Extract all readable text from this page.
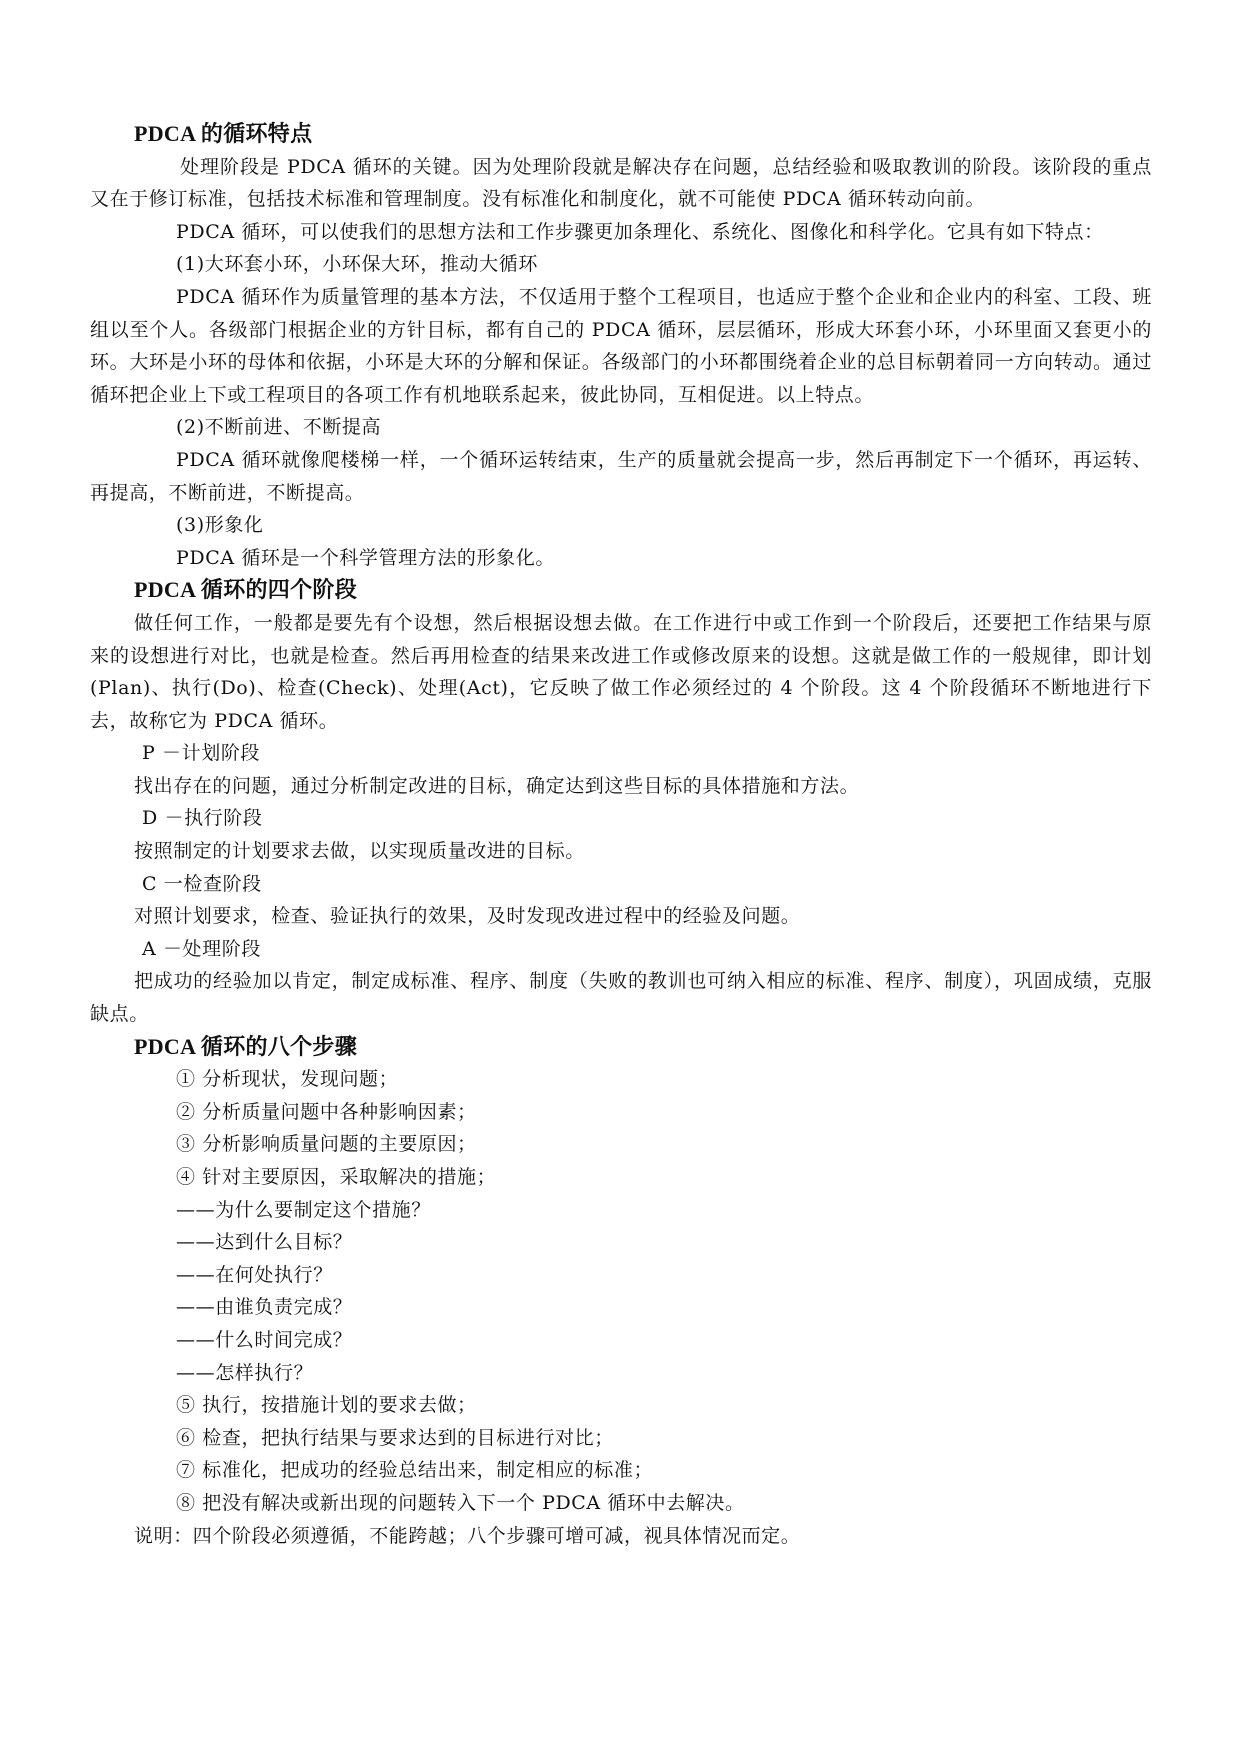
PDCA 的循环特点
处理阶段是 PDCA 循环的关键。因为处理阶段就是解决存在问题，总结经验和吸取教训的阶段。该阶段的重点又在于修订标准，包括技术标准和管理制度。没有标准化和制度化，就不可能使 PDCA 循环转动向前。
PDCA 循环，可以使我们的思想方法和工作步骤更加条理化、系统化、图像化和科学化。它具有如下特点：
(1)大环套小环，小环保大环，推动大循环
PDCA 循环作为质量管理的基本方法，不仅适用于整个工程项目，也适应于整个企业和企业内的科室、工段、班组以至个人。各级部门根据企业的方针目标，都有自己的 PDCA 循环，层层循环，形成大环套小环，小环里面又套更小的环。大环是小环的母体和依据，小环是大环的分解和保证。各级部门的小环都围绕着企业的总目标朝着同一方向转动。通过循环把企业上下或工程项目的各项工作有机地联系起来，彼此协同，互相促进。以上特点。
(2)不断前进、不断提高
PDCA 循环就像爬楼梯一样，一个循环运转结束，生产的质量就会提高一步，然后再制定下一个循环，再运转、再提高，不断前进，不断提高。
(3)形象化
PDCA 循环是一个科学管理方法的形象化。
PDCA 循环的四个阶段
做任何工作，一般都是要先有个设想，然后根据设想去做。在工作进行中或工作到一个阶段后，还要把工作结果与原来的设想进行对比，也就是检查。然后再用检查的结果来改进工作或修改原来的设想。这就是做工作的一般规律，即计划(Plan)、执行(Do)、检查(Check)、处理(Act)，它反映了做工作必须经过的 4 个阶段。这 4 个阶段循环不断地进行下去，故称它为 PDCA 循环。
P －计划阶段
找出存在的问题，通过分析制定改进的目标，确定达到这些目标的具体措施和方法。
D －执行阶段
按照制定的计划要求去做，以实现质量改进的目标。
C 一检查阶段
对照计划要求，检查、验证执行的效果，及时发现改进过程中的经验及问题。
A －处理阶段
把成功的经验加以肯定，制定成标准、程序、制度（失败的教训也可纳入相应的标准、程序、制度），巩固成绩，克服缺点。
PDCA 循环的八个步骤
① 分析现状，发现问题；
② 分析质量问题中各种影响因素；
③ 分析影响质量问题的主要原因；
④ 针对主要原因，采取解决的措施；
——为什么要制定这个措施？
——达到什么目标？
——在何处执行？
——由谁负责完成？
——什么时间完成？
——怎样执行？
⑤ 执行，按措施计划的要求去做；
⑥ 检查，把执行结果与要求达到的目标进行对比；
⑦ 标准化，把成功的经验总结出来，制定相应的标准；
⑧ 把没有解决或新出现的问题转入下一个 PDCA 循环中去解决。
说明：四个阶段必须遵循，不能跨越；八个步骤可增可减，视具体情况而定。
